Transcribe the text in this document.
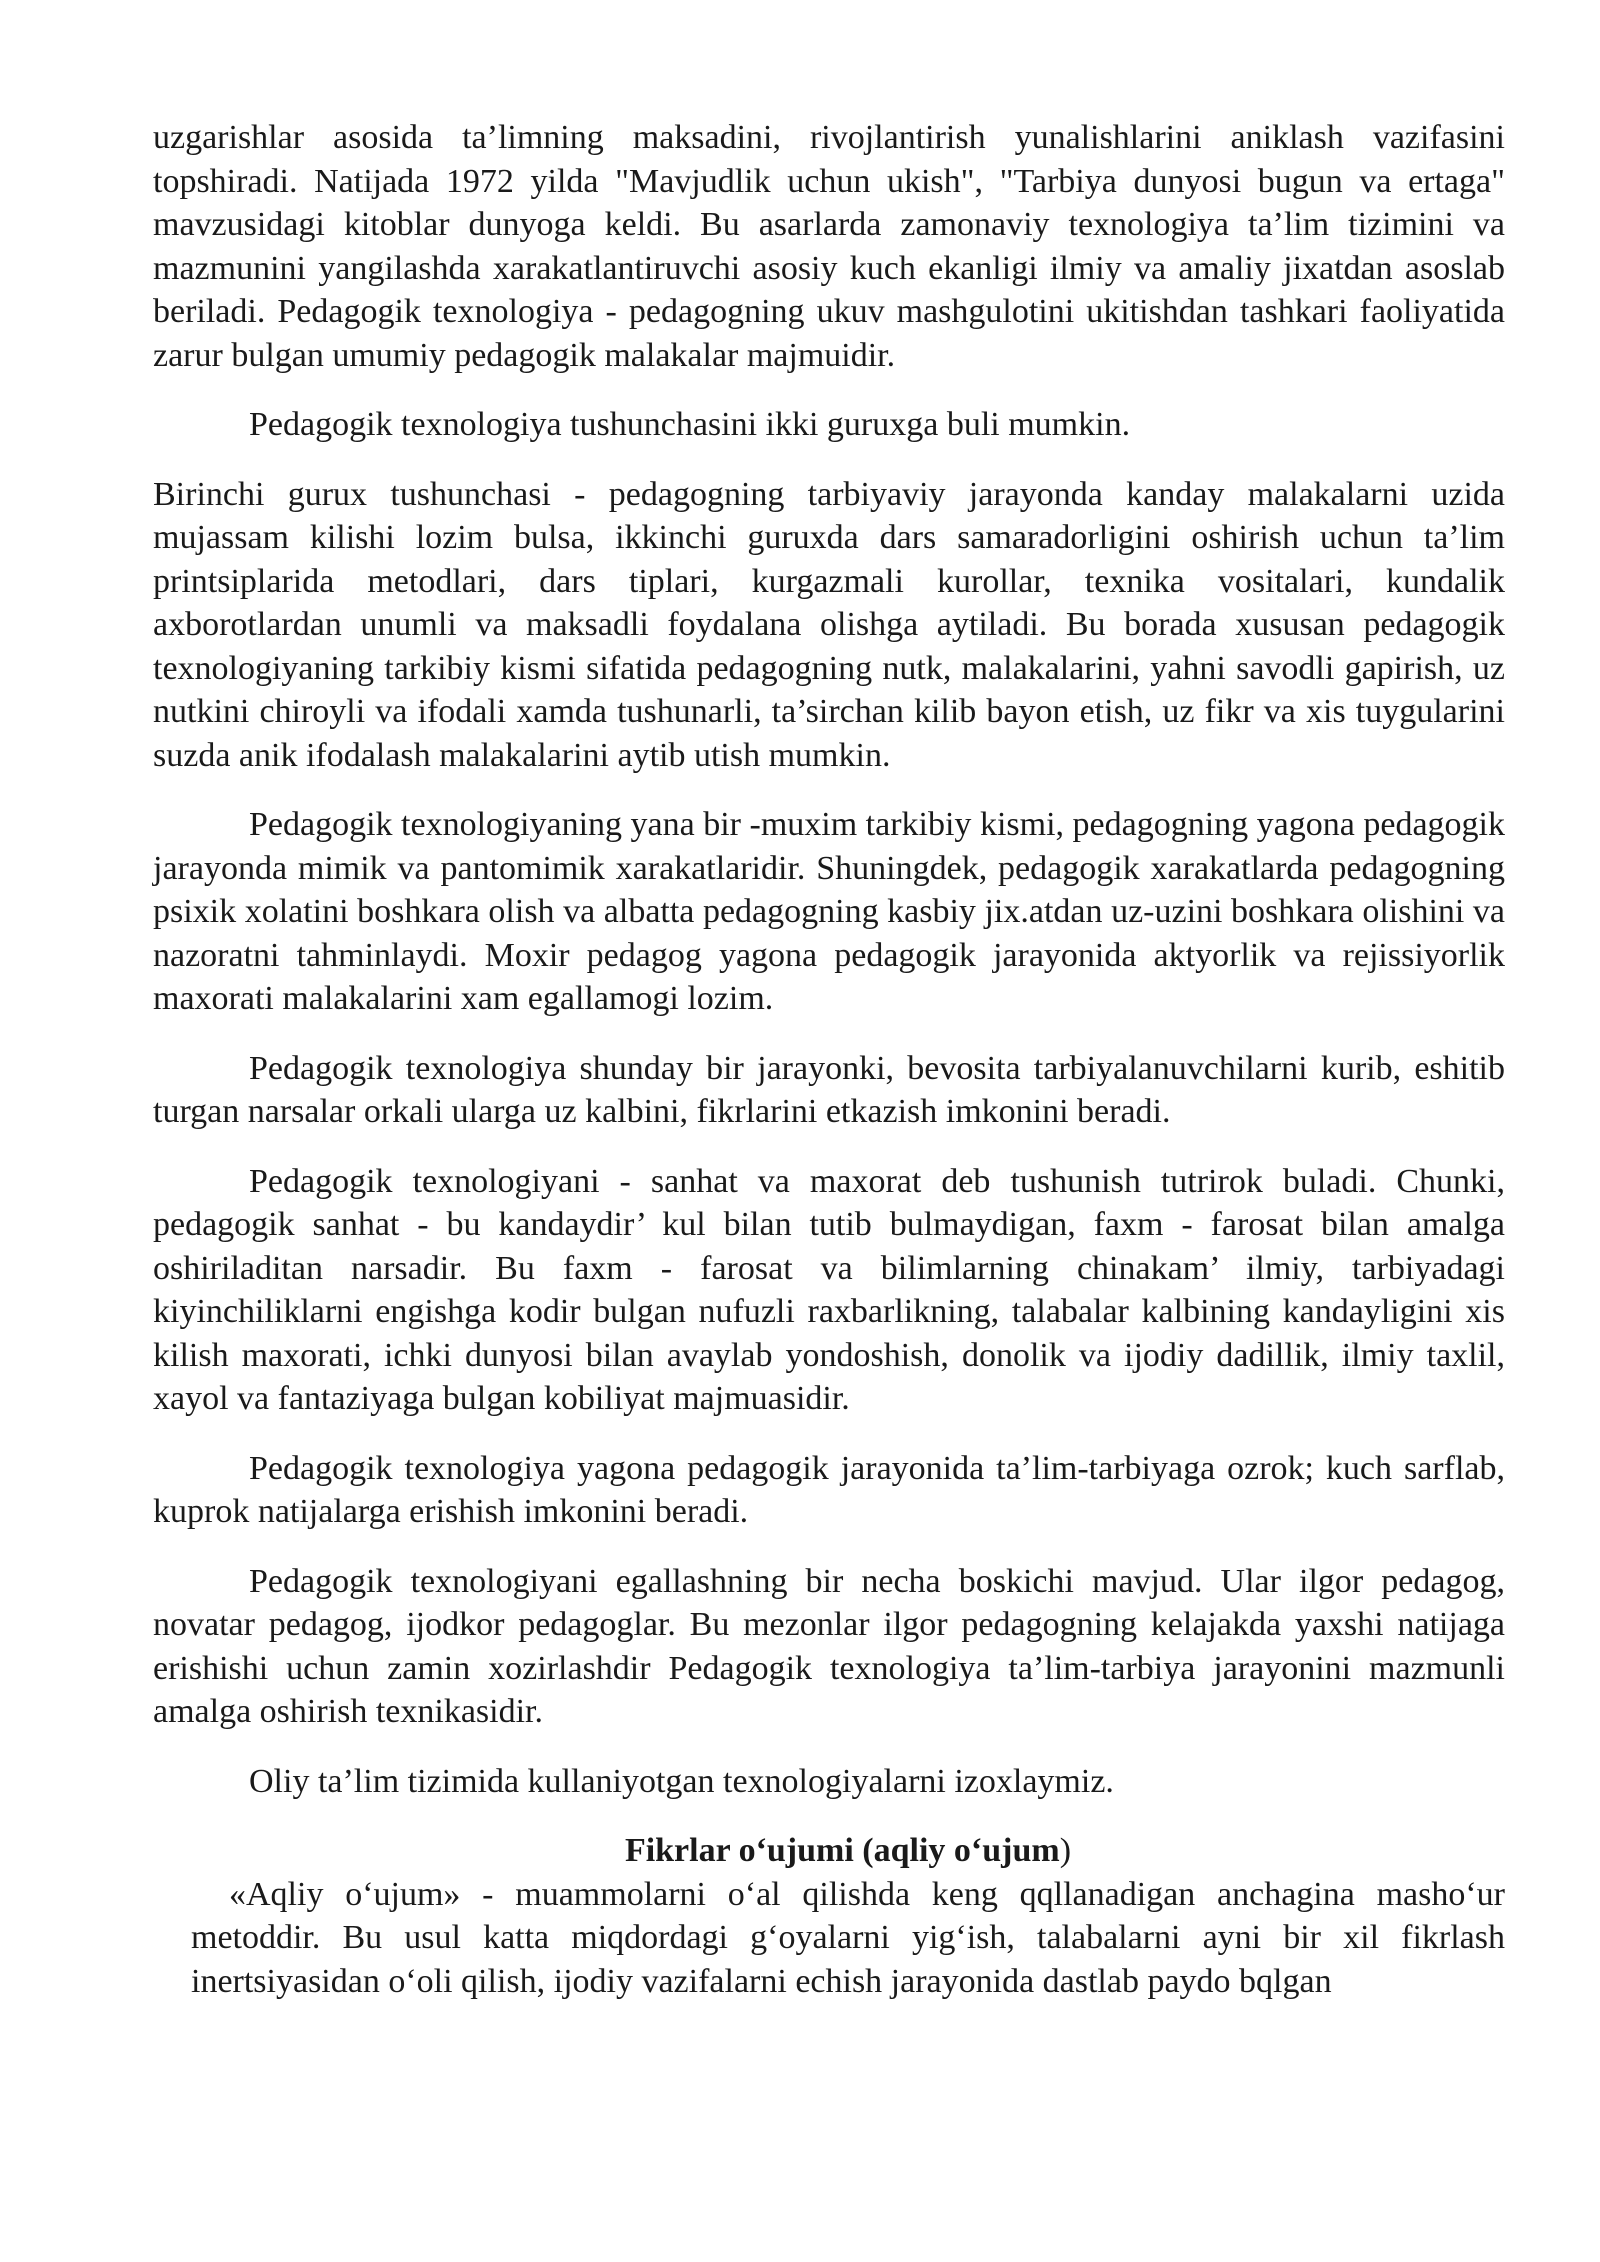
uzgarishlar asosida ta’limning maksadini, rivojlantirish yunalishlarini aniklash vazifasini topshiradi. Natijada 1972 yilda "Mavjudlik uchun ukish", "Tarbiya dunyosi bugun va ertaga" mavzusidagi kitoblar dunyoga keldi. Bu asarlarda zamonaviy texnologiya ta’lim tizimini va mazmunini yangilashda xarakatlantiruvchi asosiy kuch ekanligi ilmiy va amaliy jixatdan asoslab beriladi. Pedagogik texnologiya - pedagogning ukuv mashgulotini ukitishdan tashkari faoliyatida zarur bulgan umumiy pedagogik malakalar majmuidir.

Pedagogik texnologiya tushunchasini ikki guruxga buli mumkin.

Birinchi gurux tushunchasi - pedagogning tarbiyaviy jarayonda kanday malakalarni uzida mujassam kilishi lozim bulsa, ikkinchi guruxda dars samaradorligini oshirish uchun ta’lim printsiplarida metodlari, dars tiplari, kurgazmali kurollar, texnika vositalari, kundalik axborotlardan unumli va maksadli foydalana olishga aytiladi. Bu borada xususan pedagogik texnologiyaning tarkibiy kismi sifatida pedagogning nutk, malakalarini, yahni savodli gapirish, uz nutkini chiroyli va ifodali xamda tushunarli, ta’sirchan kilib bayon etish, uz fikr va xis tuygularini suzda anik ifodalash malakalarini aytib utish mumkin.

Pedagogik texnologiyaning yana bir -muxim tarkibiy kismi, pedagogning yagona pedagogik jarayonda mimik va pantomimik xarakatlaridir. Shuningdek, pedagogik xarakatlarda pedagogning psixik xolatini boshkara olish va albatta pedagogning kasbiy jix.atdan uz-uzini boshkara olishini va nazoratni tahminlaydi. Moxir pedagog yagona pedagogik jarayonida aktyorlik va rejissiyorlik maxorati malakalarini xam egallamogi lozim.

Pedagogik texnologiya shunday bir jarayonki, bevosita tarbiyalanuvchilarni kurib, eshitib turgan narsalar orkali ularga uz kalbini, fikrlarini etkazish imkonini beradi.

Pedagogik texnologiyani - sanhat va maxorat deb tushunish tutrirok buladi. Chunki, pedagogik sanhat - bu kandaydir’ kul bilan tutib bulmaydigan, faxm - farosat bilan amalga oshiriladitan narsadir. Bu faxm - farosat va bilimlarning chinakam’ ilmiy, tarbiyadagi kiyinchiliklarni engishga kodir bulgan nufuzli raxbarlikning, talabalar kalbining kandayligini xis kilish maxorati, ichki dunyosi bilan avaylab yondoshish, donolik va ijodiy dadillik, ilmiy taxlil, xayol va fantaziyaga bulgan kobiliyat majmuasidir.

Pedagogik texnologiya yagona pedagogik jarayonida ta’lim-tarbiyaga ozrok; kuch sarflab, kuprok natijalarga erishish imkonini beradi.

Pedagogik texnologiyani egallashning bir necha boskichi mavjud. Ular ilgor pedagog, novatar pedagog, ijodkor pedagoglar. Bu mezonlar ilgor pedagogning kelajakda yaxshi natijaga erishishi uchun zamin xozirlashdir Pedagogik texnologiya ta’lim-tarbiya jarayonini mazmunli amalga oshirish texnikasidir.

Oliy ta’lim tizimida kullaniyotgan texnologiyalarni izoxlaymiz.

Fikrlar o‘ujumi (aqliy o‘ujum)

«Aqliy o‘ujum» - muammolarni o‘al qilishda keng qqllanadigan anchagina masho‘ur metoddir. Bu usul katta miqdordagi g‘oyalarni yig‘ish, talabalarni ayni bir xil fikrlash inertsiyasidan o‘oli qilish, ijodiy vazifalarni echish jarayonida dastlab paydo bqlgan
